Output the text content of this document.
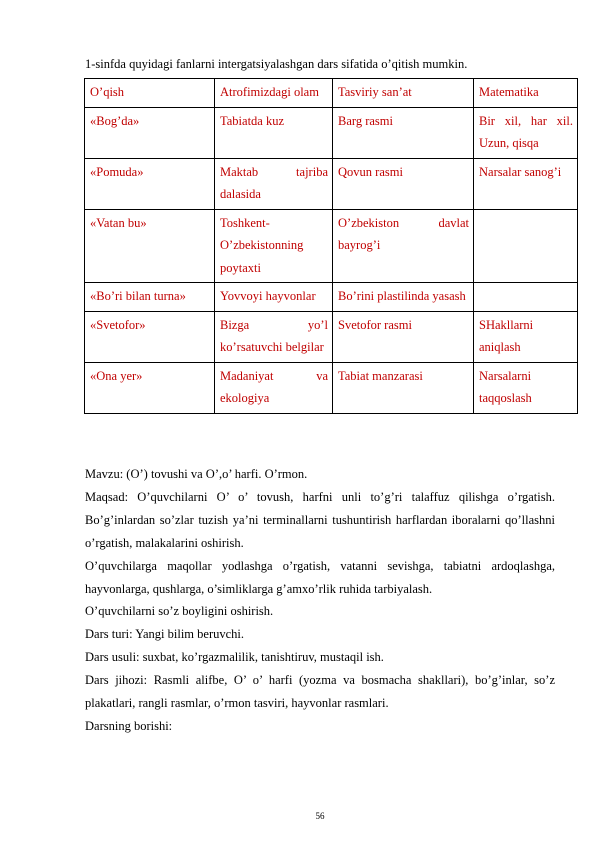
1-sinfda quyidagi fanlarni intergatsiyalashgan dars sifatida o’qitish mumkin.
O’qish	Atrofimizdagi olam	Tasviriy san’at	Matematika
«Bog’da»	Tabiatda kuz	Barg rasmi	Bir xil, har xil. Uzun, qisqa
«Pomuda»	Maktab tajriba dalasida	Qovun rasmi	Narsalar sanog’i
«Vatan bu»	Toshkent-O’zbekistonning poytaxti	O’zbekiston davlat bayrog’i	
«Bo’ri bilan turna»	Yovvoyi hayvonlar	Bo’rini plastilinda yasash	
«Svetofor»	Bizga yo’l ko’rsatuvchi belgilar	Svetofor rasmi	SHakllarni aniqlash
«Ona yer»	Madaniyat va ekologiya	Tabiat manzarasi	Narsalarni taqqoslash

Mavzu: (O’) tovushi va O’,o’ harfi. O’rmon.

Maqsad: O’quvchilarni O’ o’ tovush, harfni unli to’g’ri talaffuz qilishga o’rgatish. Bo’g’inlardan so’zlar tuzish ya’ni terminallarni tushuntirish harflardan iboralarni qo’llashni o’rgatish, malakalarini oshirish.

O’quvchilarga maqollar yodlashga o’rgatish, vatanni sevishga, tabiatni ardoqlashga, hayvonlarga, qushlarga, o’simliklarga g’amxo’rlik ruhida tarbiyalash.

O’quvchilarni so’z boyligini oshirish.

Dars turi: Yangi bilim beruvchi.

Dars usuli: suxbat, ko’rgazmalilik, tanishtiruv, mustaqil ish.

Dars jihozi: Rasmli alifbe, O’ o’ harfi (yozma va bosmacha shakllari), bo’g’inlar, so’z plakatlari, rangli rasmlar, o’rmon tasviri, hayvonlar rasmlari.

Darsning borishi:

56
